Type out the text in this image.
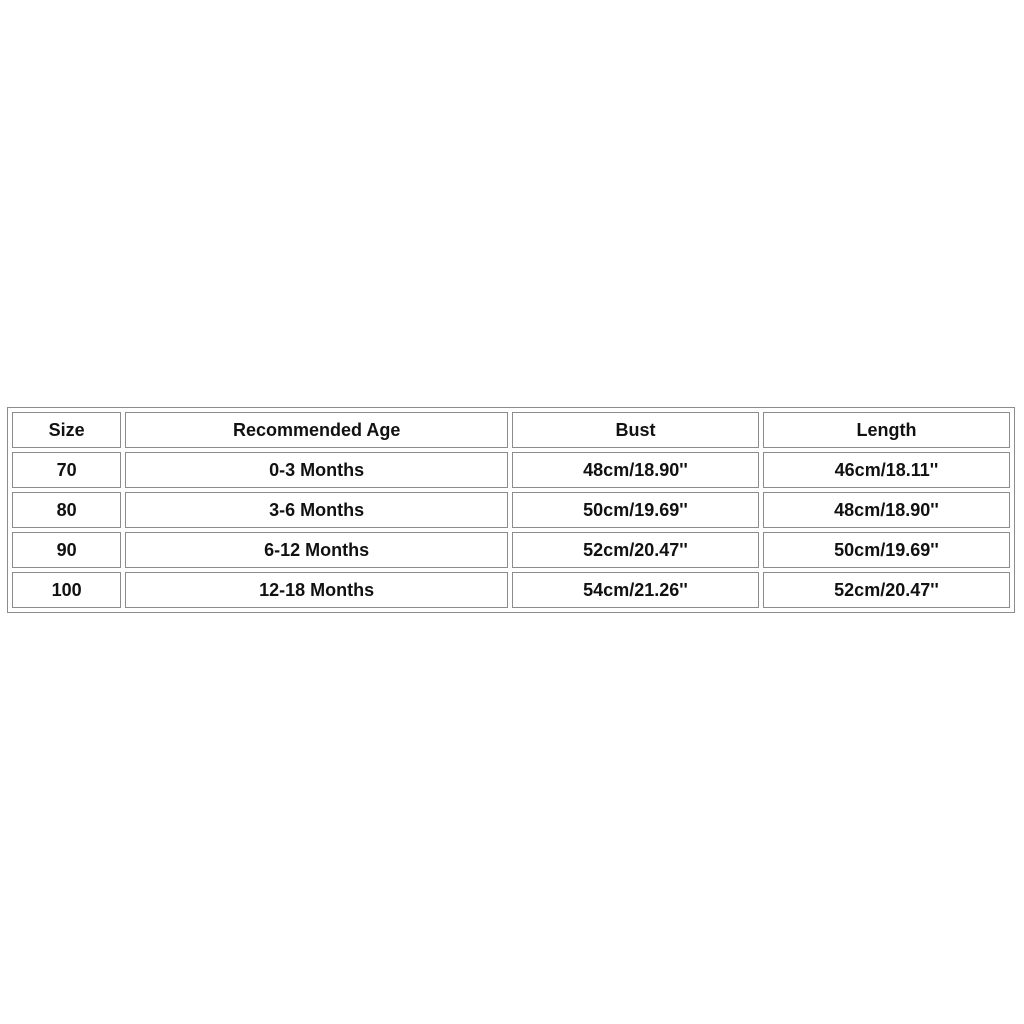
Size	Recommended Age	Bust	Length
70	0-3 Months	48cm/18.90''	46cm/18.11''
80	3-6 Months	50cm/19.69''	48cm/18.90''
90	6-12 Months	52cm/20.47''	50cm/19.69''
100	12-18 Months	54cm/21.26''	52cm/20.47''
